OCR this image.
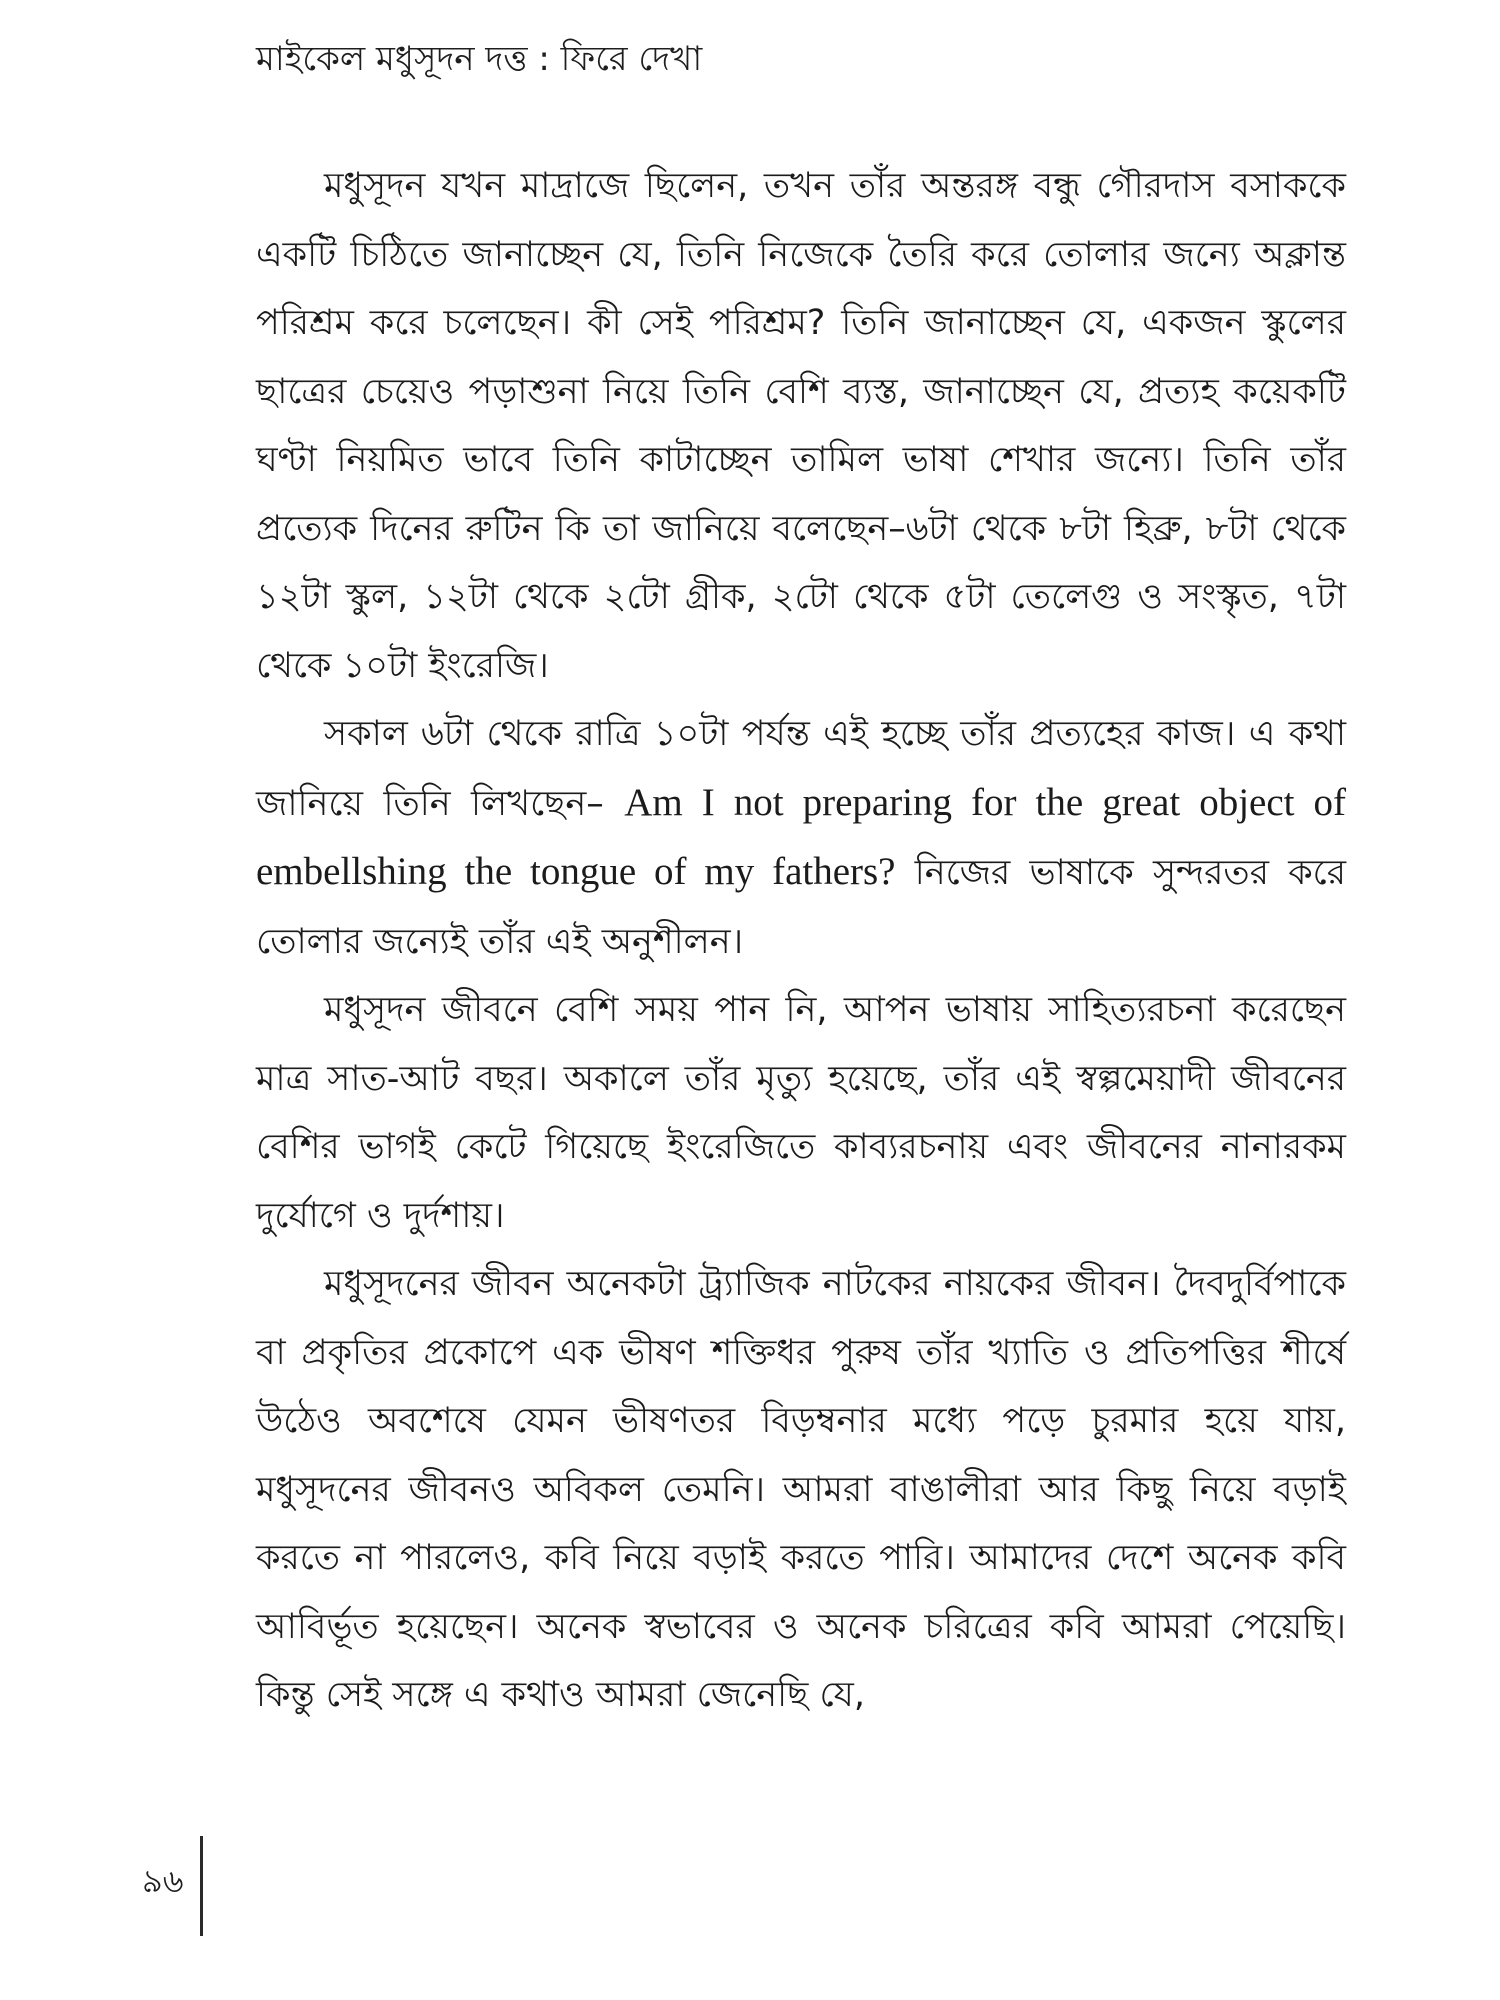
মাইকেল মধুসূদন দত্ত : ফিরে দেখা

মধুসূদন যখন মাদ্রাজে ছিলেন, তখন তাঁর অন্তরঙ্গ বন্ধু গৌরদাস বসাককে একটি চিঠিতে জানাচ্ছেন যে, তিনি নিজেকে তৈরি করে তোলার জন্যে অক্লান্ত পরিশ্রম করে চলেছেন। কী সেই পরিশ্রম? তিনি জানাচ্ছেন যে, একজন স্কুলের ছাত্রের চেয়েও পড়াশুনা নিয়ে তিনি বেশি ব্যস্ত, জানাচ্ছেন যে, প্রত্যহ কয়েকটি ঘণ্টা নিয়মিত ভাবে তিনি কাটাচ্ছেন তামিল ভাষা শেখার জন্যে। তিনি তাঁর প্রত্যেক দিনের রুটিন কি তা জানিয়ে বলেছেন–৬টা থেকে ৮টা হিব্রু, ৮টা থেকে ১২টা স্কুল, ১২টা থেকে ২টো গ্রীক, ২টো থেকে ৫টা তেলেগু ও সংস্কৃত, ৭টা থেকে ১০টা ইংরেজি।

সকাল ৬টা থেকে রাত্রি ১০টা পর্যন্ত এই হচ্ছে তাঁর প্রত্যহের কাজ। এ কথা জানিয়ে তিনি লিখছেন– Am I not preparing for the great object of embellshing the tongue of my fathers? নিজের ভাষাকে সুন্দরতর করে তোলার জন্যেই তাঁর এই অনুশীলন।

মধুসূদন জীবনে বেশি সময় পান নি, আপন ভাষায় সাহিত্যরচনা করেছেন মাত্র সাত-আট বছর। অকালে তাঁর মৃত্যু হয়েছে, তাঁর এই স্বল্পমেয়াদী জীবনের বেশির ভাগই কেটে গিয়েছে ইংরেজিতে কাব্যরচনায় এবং জীবনের নানারকম দুর্যোগে ও দুর্দশায়।

মধুসূদনের জীবন অনেকটা ট্র্যাজিক নাটকের নায়কের জীবন। দৈবদুর্বিপাকে বা প্রকৃতির প্রকোপে এক ভীষণ শক্তিধর পুরুষ তাঁর খ্যাতি ও প্রতিপত্তির শীর্ষে উঠেও অবশেষে যেমন ভীষণতর বিড়ম্বনার মধ্যে পড়ে চুরমার হয়ে যায়, মধুসূদনের জীবনও অবিকল তেমনি। আমরা বাঙালীরা আর কিছু নিয়ে বড়াই করতে না পারলেও, কবি নিয়ে বড়াই করতে পারি। আমাদের দেশে অনেক কবি আবির্ভূত হয়েছেন। অনেক স্বভাবের ও অনেক চরিত্রের কবি আমরা পেয়েছি। কিন্তু সেই সঙ্গে এ কথাও আমরা জেনেছি যে,

৯৬
